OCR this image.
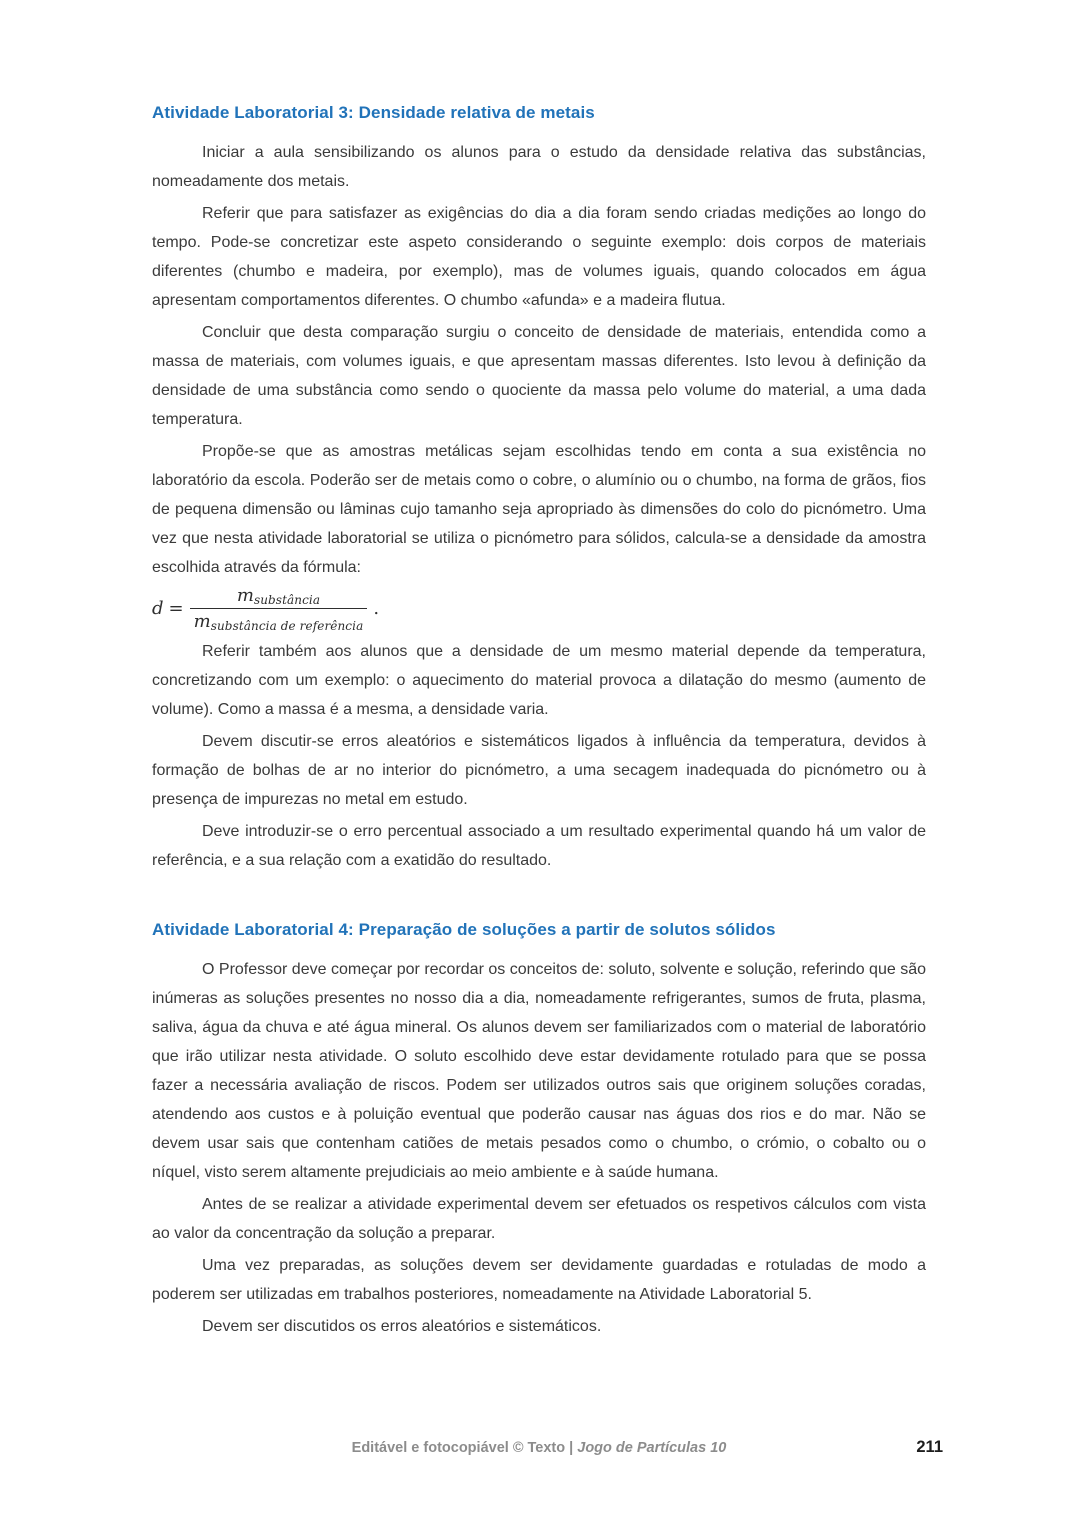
Atividade Laboratorial 3: Densidade relativa de metais

Iniciar a aula sensibilizando os alunos para o estudo da densidade relativa das substâncias, nomeadamente dos metais.

Referir que para satisfazer as exigências do dia a dia foram sendo criadas medições ao longo do tempo. Pode-se concretizar este aspeto considerando o seguinte exemplo: dois corpos de materiais diferentes (chumbo e madeira, por exemplo), mas de volumes iguais, quando colocados em água apresentam comportamentos diferentes. O chumbo «afunda» e a madeira flutua.

Concluir que desta comparação surgiu o conceito de densidade de materiais, entendida como a massa de materiais, com volumes iguais, e que apresentam massas diferentes. Isto levou à definição da densidade de uma substância como sendo o quociente da massa pelo volume do material, a uma dada temperatura.

Propõe-se que as amostras metálicas sejam escolhidas tendo em conta a sua existência no laboratório da escola. Poderão ser de metais como o cobre, o alumínio ou o chumbo, na forma de grãos, fios de pequena dimensão ou lâminas cujo tamanho seja apropriado às dimensões do colo do picnómetro. Uma vez que nesta atividade laboratorial se utiliza o picnómetro para sólidos, calcula-se a densidade da amostra escolhida através da fórmula:

$d = \frac{m_{substância}}{m_{substância de referência}}$ .

Referir também aos alunos que a densidade de um mesmo material depende da temperatura, concretizando com um exemplo: o aquecimento do material provoca a dilatação do mesmo (aumento de volume). Como a massa é a mesma, a densidade varia.

Devem discutir-se erros aleatórios e sistemáticos ligados à influência da temperatura, devidos à formação de bolhas de ar no interior do picnómetro, a uma secagem inadequada do picnómetro ou à presença de impurezas no metal em estudo.

Deve introduzir-se o erro percentual associado a um resultado experimental quando há um valor de referência, e a sua relação com a exatidão do resultado.

Atividade Laboratorial 4: Preparação de soluções a partir de solutos sólidos

O Professor deve começar por recordar os conceitos de: soluto, solvente e solução, referindo que são inúmeras as soluções presentes no nosso dia a dia, nomeadamente refrigerantes, sumos de fruta, plasma, saliva, água da chuva e até água mineral. Os alunos devem ser familiarizados com o material de laboratório que irão utilizar nesta atividade. O soluto escolhido deve estar devidamente rotulado para que se possa fazer a necessária avaliação de riscos. Podem ser utilizados outros sais que originem soluções coradas, atendendo aos custos e à poluição eventual que poderão causar nas águas dos rios e do mar. Não se devem usar sais que contenham catiões de metais pesados como o chumbo, o crómio, o cobalto ou o níquel, visto serem altamente prejudiciais ao meio ambiente e à saúde humana.

Antes de se realizar a atividade experimental devem ser efetuados os respetivos cálculos com vista ao valor da concentração da solução a preparar.

Uma vez preparadas, as soluções devem ser devidamente guardadas e rotuladas de modo a poderem ser utilizadas em trabalhos posteriores, nomeadamente na Atividade Laboratorial 5.

Devem ser discutidos os erros aleatórios e sistemáticos.

Editável e fotocopiável © Texto | Jogo de Partículas 10	211
